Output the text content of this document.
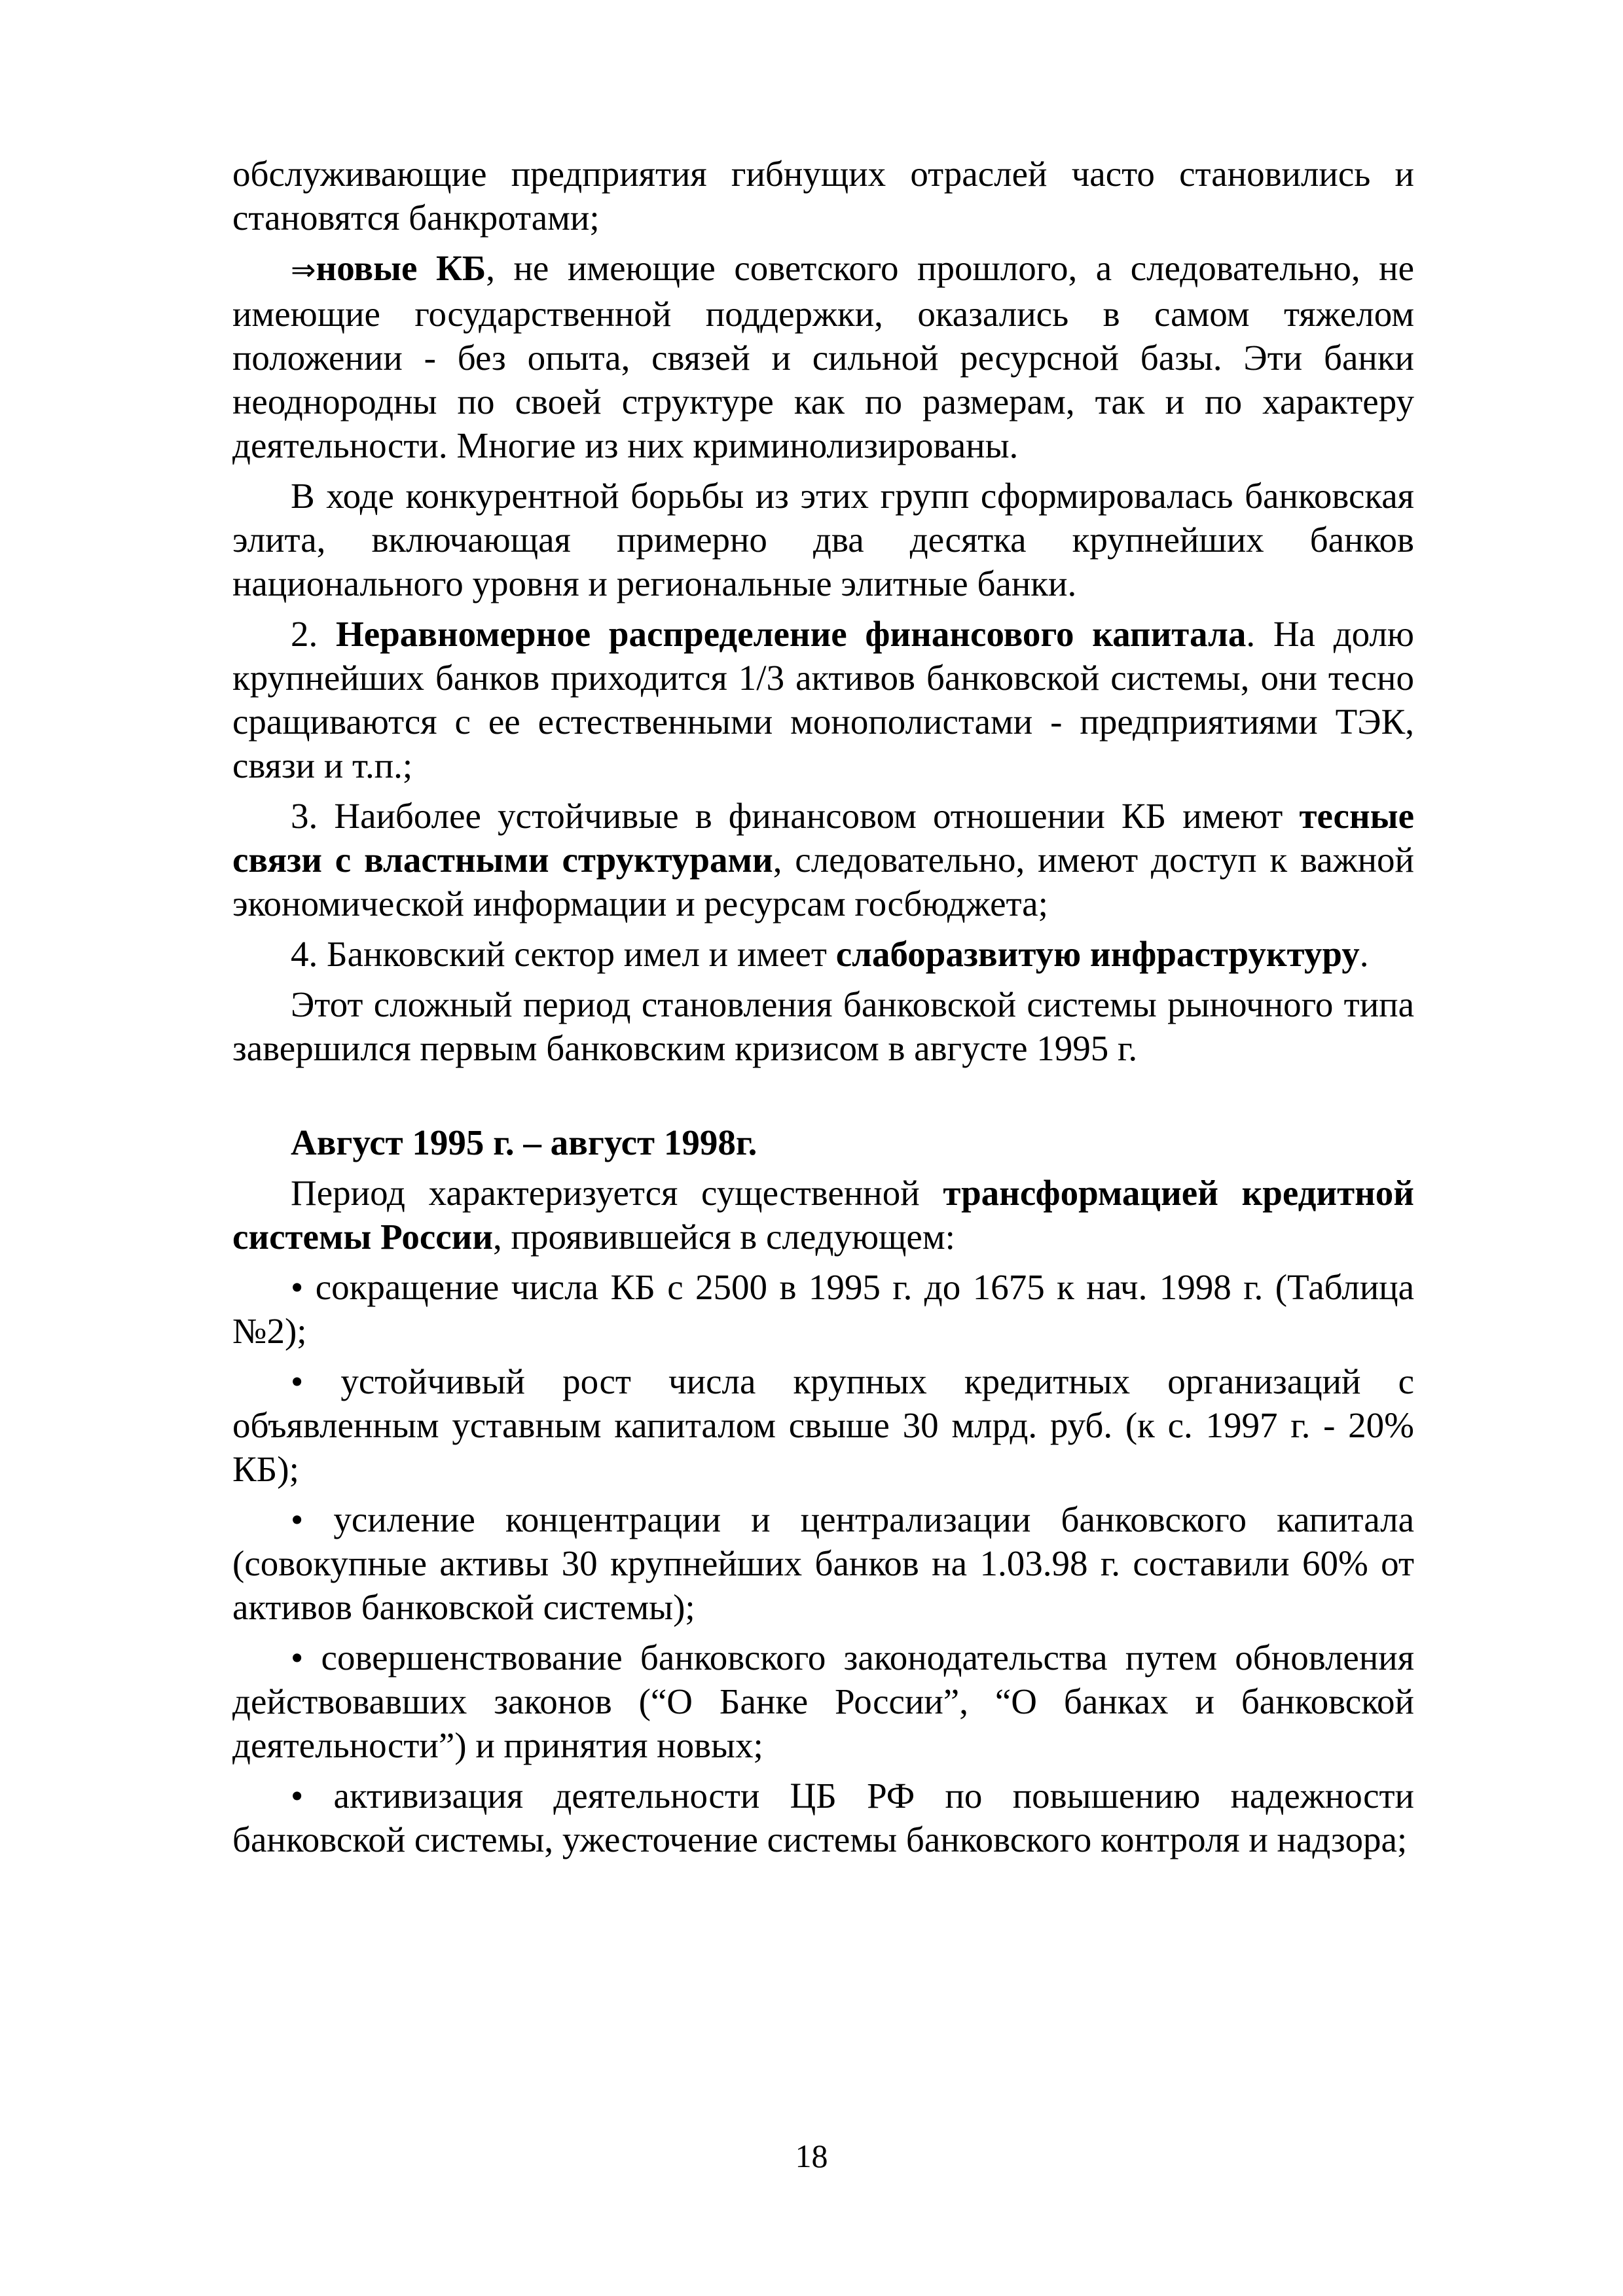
обслуживающие предприятия гибнущих отраслей часто становились и становятся банкротами;

⇒новые КБ, не имеющие советского прошлого, а следовательно, не имеющие государственной поддержки, оказались в самом тяжелом положении - без опыта, связей и сильной ресурсной базы. Эти банки неоднородны по своей структуре как по размерам, так и по характеру деятельности. Многие из них криминолизированы.

В ходе конкурентной борьбы из этих групп сформировалась банковская элита, включающая примерно два десятка крупнейших банков национального уровня и региональные элитные банки.

2. Неравномерное распределение финансового капитала. На долю крупнейших банков приходится 1/3 активов банковской системы, они тесно сращиваются с ее естественными монополистами - предприятиями ТЭК, связи и т.п.;

3. Наиболее устойчивые в финансовом отношении КБ имеют тесные связи с властными структурами, следовательно, имеют доступ к важной экономической информации и ресурсам госбюджета;

4. Банковский сектор имел и имеет слаборазвитую инфраструктуру.

Этот сложный период становления банковской системы рыночного типа завершился первым банковским кризисом в августе 1995 г.

Август 1995 г. – август 1998г.

Период характеризуется существенной трансформацией кредитной системы России, проявившейся в следующем:

• сокращение числа КБ с 2500 в 1995 г. до 1675 к нач. 1998 г. (Таблица №2);

• устойчивый рост числа крупных кредитных организаций с объявленным уставным капиталом свыше 30 млрд. руб. (к с. 1997 г. - 20% КБ);

• усиление концентрации и централизации банковского капитала (совокупные активы 30 крупнейших банков на 1.03.98 г. составили 60% от активов банковской системы);

• совершенствование банковского законодательства путем обновления действовавших законов (“О Банке России”, “О банках и банковской деятельности”) и принятия новых;

• активизация деятельности ЦБ РФ по повышению надежности банковской системы, ужесточение системы банковского контроля и надзора;

18
